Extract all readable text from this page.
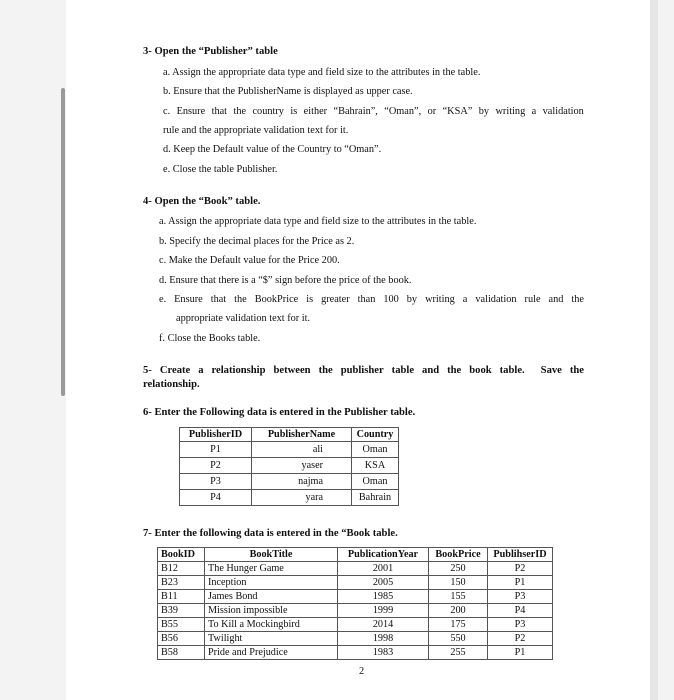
3- Open the “Publisher” table
a. Assign the appropriate data type and field size to the attributes in the table.
b. Ensure that the PublisherName is displayed as upper case.
c. Ensure that the country is either “Bahrain”, “Oman”, or “KSA” by writing a validation
rule and the appropriate validation text for it.
d. Keep the Default value of the Country to “Oman”.
e. Close the table Publisher.
4- Open the “Book” table.
a. Assign the appropriate data type and field size to the attributes in the table.
b. Specify the decimal places for the Price as 2.
c. Make the Default value for the Price 200.
d. Ensure that there is a “$” sign before the price of the book.
e. Ensure that the BookPrice is greater than 100 by writing a validation rule and the
appropriate validation text for it.
f. Close the Books table.
5- Create a relationship between the publisher table and the book table. Save the
relationship.
6- Enter the Following data is entered in the Publisher table.
PublisherID	PublisherName	Country
P1	ali	Oman
P2	yaser	KSA
P3	najma	Oman
P4	yara	Bahrain
7- Enter the following data is entered in the “Book table.
BookID	BookTitle	PublicationYear	BookPrice	PublihserID
B12	The Hunger Game	2001	250	P2
B23	Inception	2005	150	P1
B11	James Bond	1985	155	P3
B39	Mission impossible	1999	200	P4
B55	To Kill a Mockingbird	2014	175	P3
B56	Twilight	1998	550	P2
B58	Pride and Prejudice	1983	255	P1
2
